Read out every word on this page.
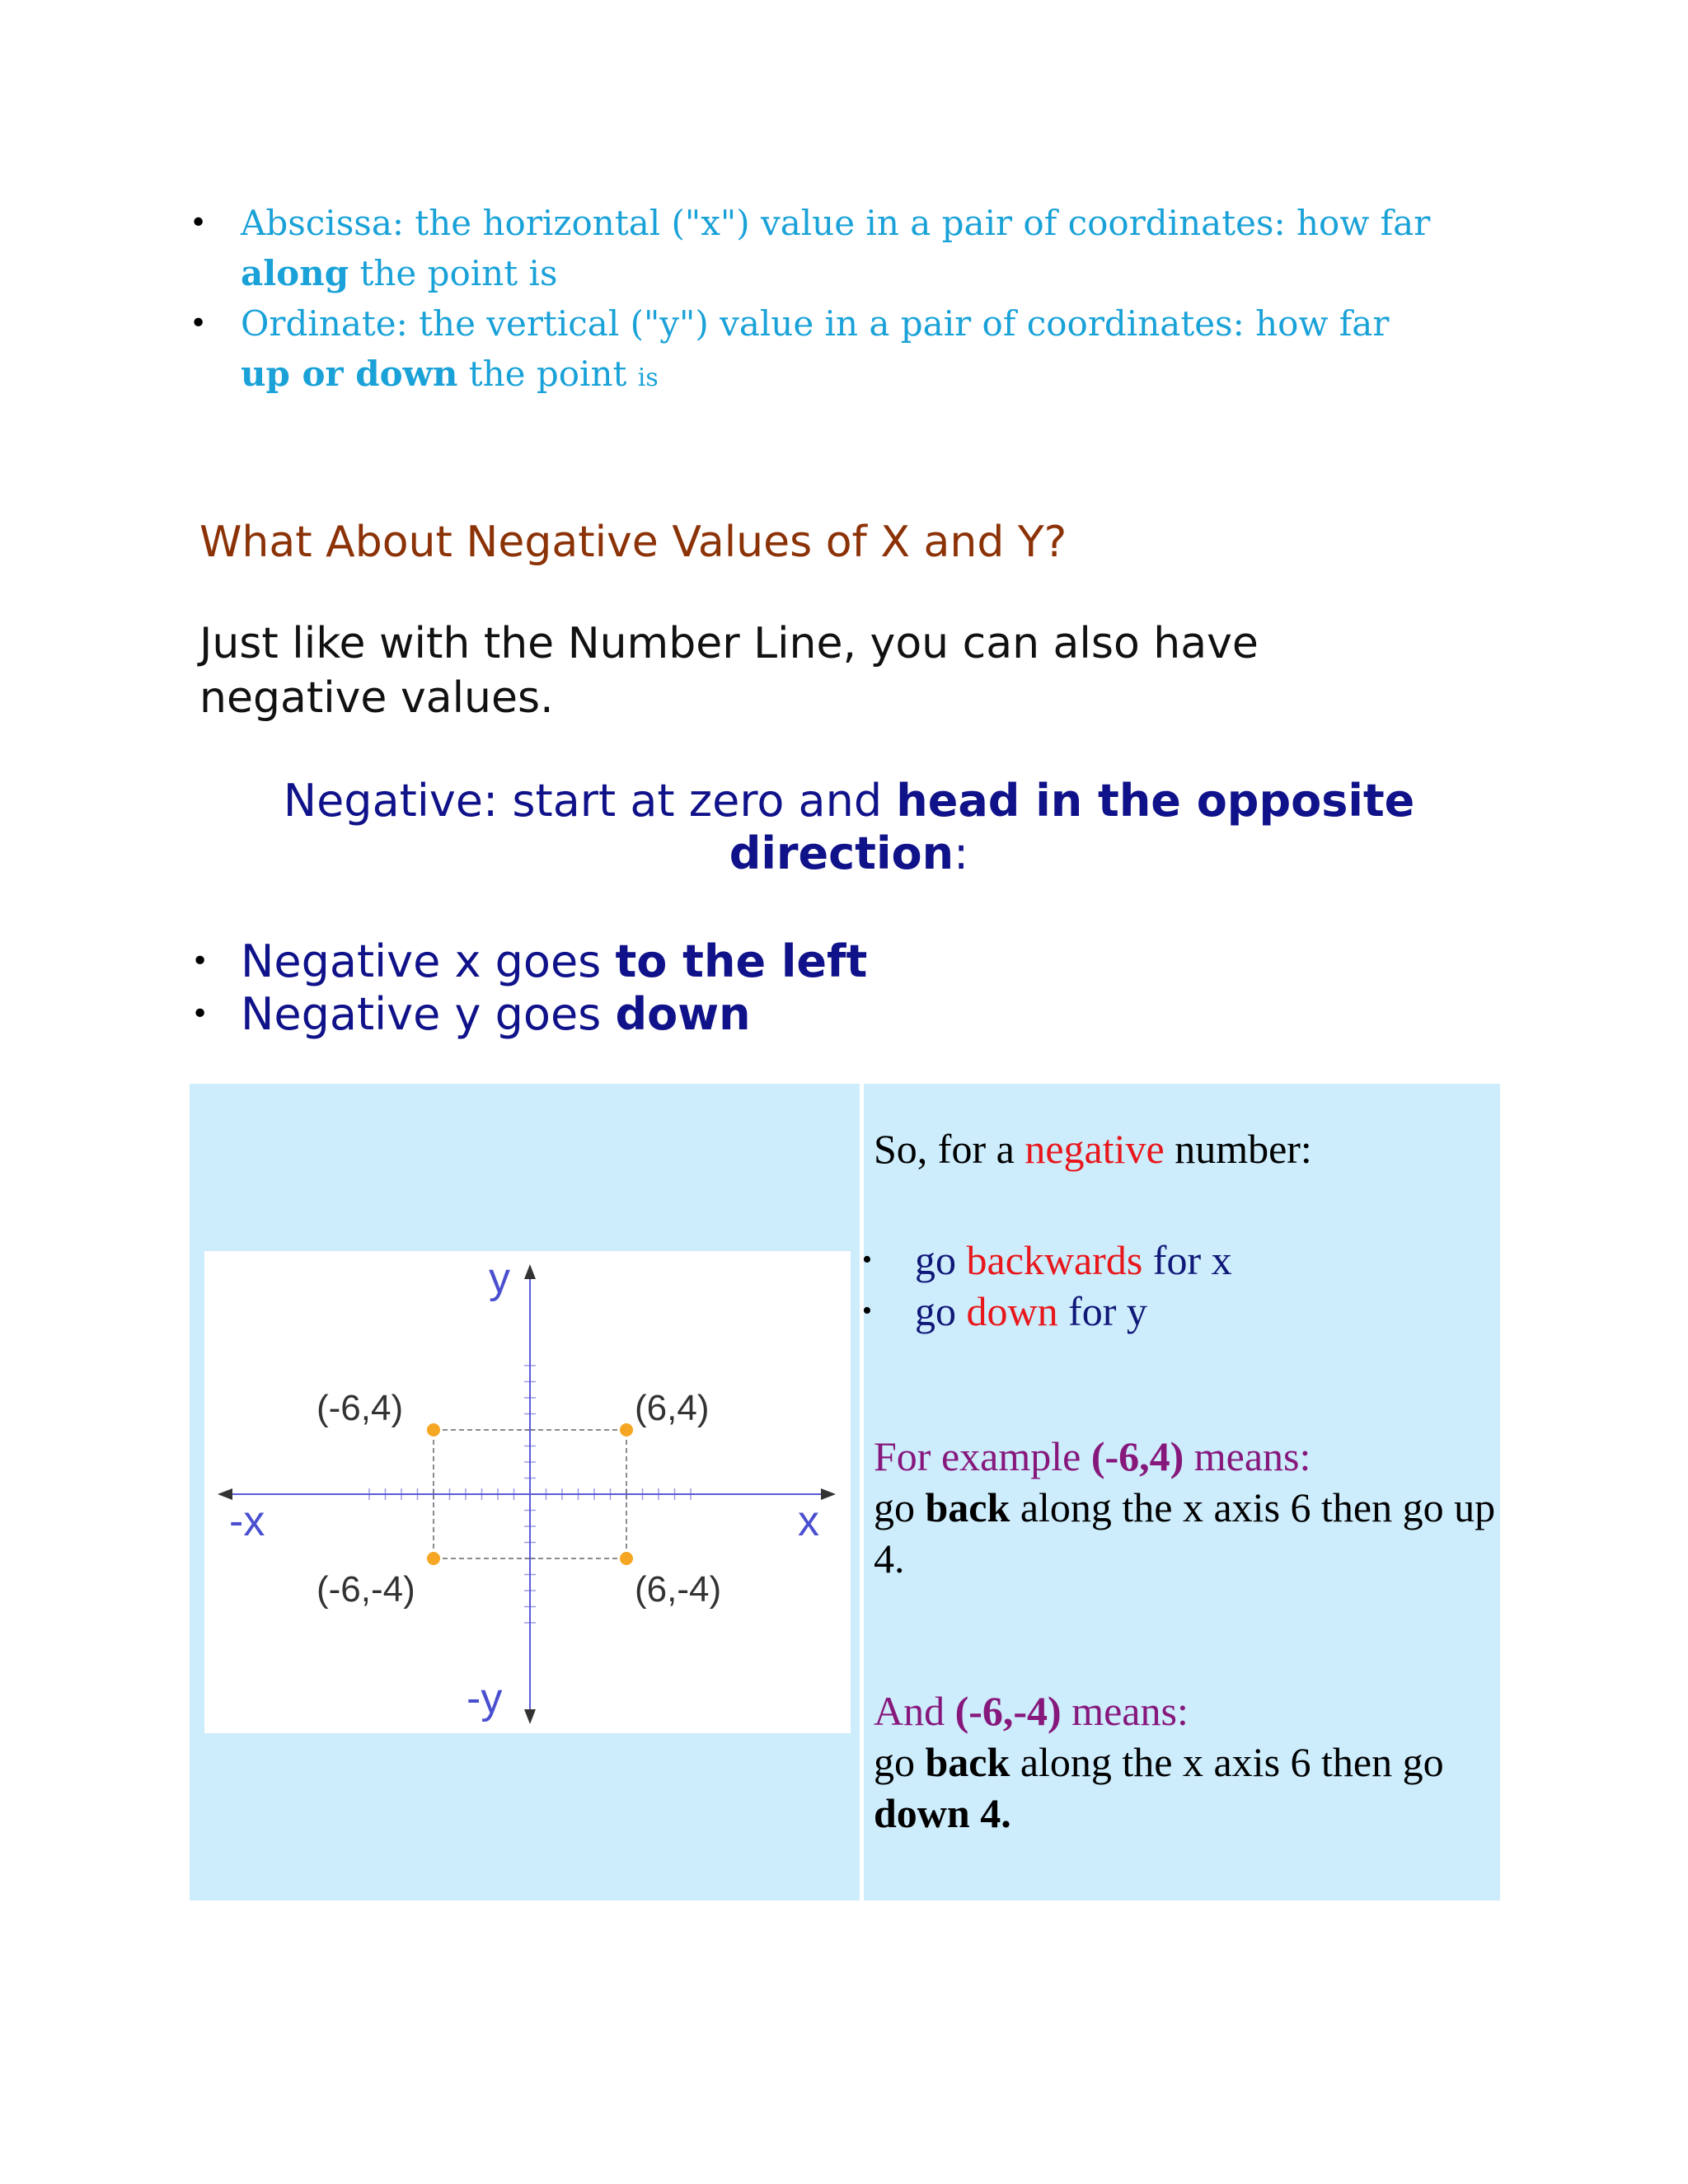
• Abscissa: the horizontal ("x") value in a pair of coordinates: how far along the point is
• Ordinate: the vertical ("y") value in a pair of coordinates: how far up or down the point is
What About Negative Values of X and Y?
Just like with the Number Line, you can also have negative values.
Negative: start at zero and head in the opposite direction:
• Negative x goes to the left
• Negative y goes down
y
-y
x
-x
(-6,4)	(6,4)
(-6,-4)	(6,-4)
So, for a negative number:
• go backwards for x
• go down for y
For example (-6,4) means:
go back along the x axis 6 then go up 4.
And (-6,-4) means:
go back along the x axis 6 then go down 4.
